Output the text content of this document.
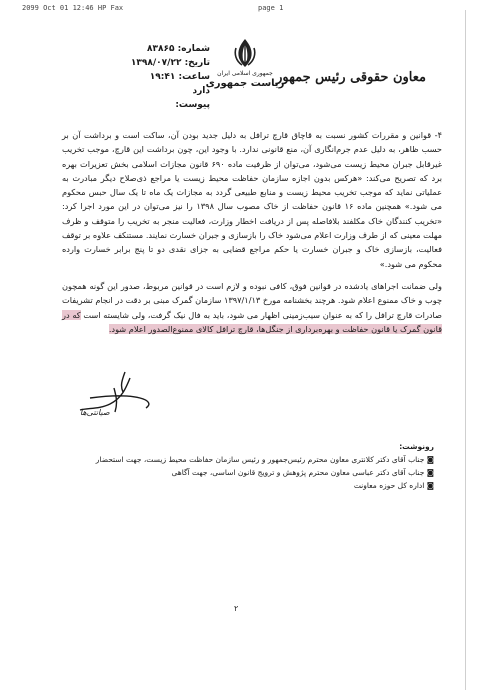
2099 Oct 01 12:46 HP Fax	page 1
شماره: ۸۳۸۶۵
تاریخ: ۱۳۹۸/۰۷/۲۲
ساعت: ۱۹:۴۱
دارد
پیوست:
جمهوری اسلامی ایران
ریاست جمهوری
معاون حقوقی رئیس جمهور

۴- قوانین و مقررات کشور نسبت به قاچاق قارچ ترافل به دلیل جدید بودن آن، ساکت است و برداشت آن بر حسب ظاهر، به دلیل عدم جرم‌انگاری آن، منع قانونی ندارد. با وجود این، چون برداشت این قارچ، موجب تخریب غیرقابل جبران محیط زیست می‌شود، می‌توان از ظرفیت ماده ۶۹۰ قانون مجازات اسلامی بخش تعزیرات بهره برد که تصریح می‌کند: «هرکس بدون اجازه سازمان حفاظت محیط زیست یا مراجع ذی‌صلاح دیگر مبادرت به عملیاتی نماید که موجب تخریب محیط زیست و منابع طبیعی گردد به مجازات یک ماه تا یک سال حبس محکوم می شود.» همچنین ماده ۱۶ قانون حفاظت از خاک مصوب سال ۱۳۹۸ را نیز می‌توان در این مورد اجرا کرد: «تخریب کنندگان خاک مکلفند بلافاصله پس از دریافت اخطار وزارت، فعالیت منجر به تخریب را متوقف و ظرف مهلت معینی که از طرف وزارت اعلام می‌شود خاک را بازسازی و جبران خسارت نمایند. مستنکف علاوه بر توقف فعالیت، بازسازی خاک و جبران خسارت یا حکم مراجع قضایی به جزای نقدی دو تا پنج برابر خسارت وارده محکوم می شود.»

ولی ضمانت اجراهای یادشده در قوانین فوق، کافی نبوده و لازم است در قوانین مربوط، صدور این گونه همچون چوب و خاک ممنوع اعلام شود. هرچند بخشنامه مورخ ۱۳۹۷/۱/۱۳ سازمان گمرک مبنی بر دقت در انجام تشریفات صادرات قارچ ترافل را که به عنوان سیب‌زمینی اظهار می شود، باید به فال نیک گرفت، ولی شایسته است که در قانون گمرک یا قانون حفاظت و بهره‌برداری از جنگل‌ها، قارچ ترافل کالای ممنوع‌الصدور اعلام شود.

صیانتی‌ها
رونوشت:
◙ جناب آقای دکتر کلانتری معاون محترم رئیس‌جمهور و رئیس سازمان حفاظت محیط زیست، جهت استحضار
◙ جناب آقای دکتر عباسی معاون محترم پژوهش و ترویج قانون اساسی، جهت آگاهی
◙ اداره کل حوزه معاونت
۲
